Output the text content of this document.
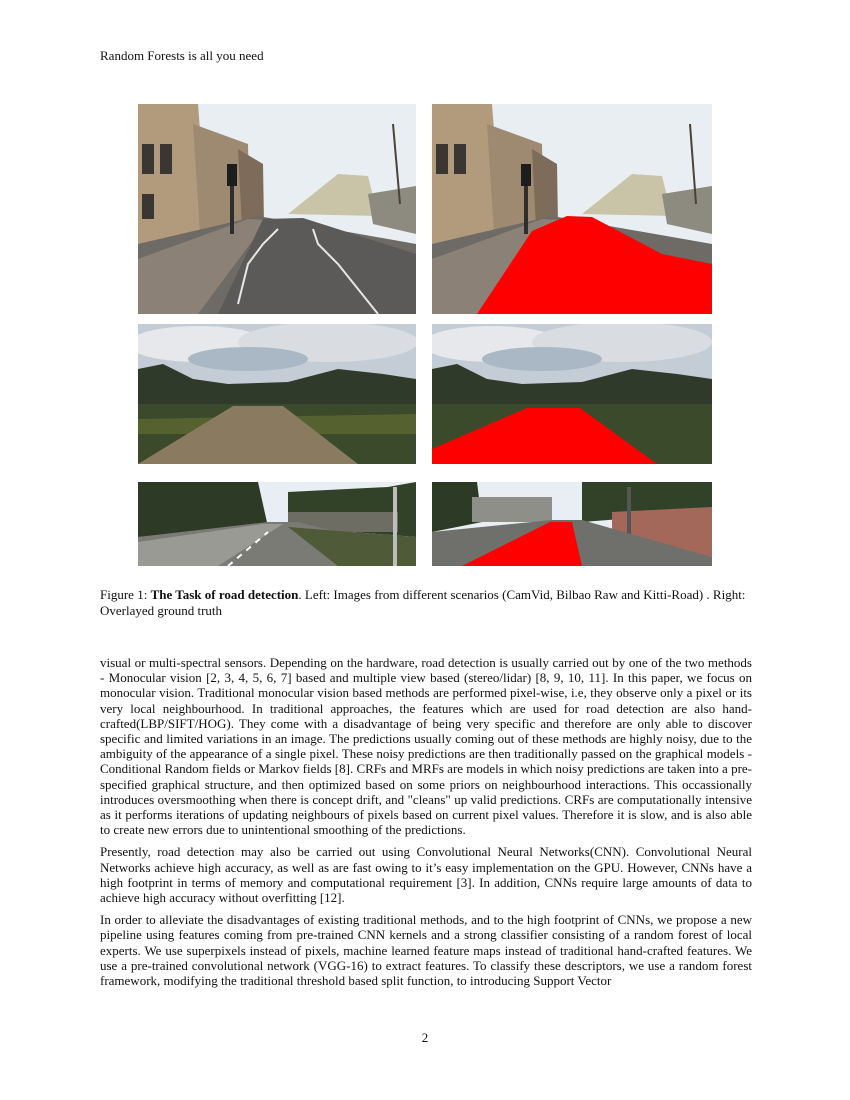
Random Forests is all you need
Figure 1: The Task of road detection. Left: Images from different scenarios (CamVid, Bilbao Raw and Kitti-Road) . Right: Overlayed ground truth

visual or multi-spectral sensors. Depending on the hardware, road detection is usually carried out by one of the two methods - Monocular vision [2, 3, 4, 5, 6, 7] based and multiple view based (stereo/lidar) [8, 9, 10, 11]. In this paper, we focus on monocular vision. Traditional monocular vision based methods are performed pixel-wise, i.e, they observe only a pixel or its very local neighbourhood. In traditional approaches, the features which are used for road detection are also hand-crafted(LBP/SIFT/HOG). They come with a disadvantage of being very specific and therefore are only able to discover specific and limited variations in an image. The predictions usually coming out of these methods are highly noisy, due to the ambiguity of the appearance of a single pixel. These noisy predictions are then traditionally passed on the graphical models - Conditional Random fields or Markov fields [8]. CRFs and MRFs are models in which noisy predictions are taken into a pre-specified graphical structure, and then optimized based on some priors on neighbourhood interactions. This occassionally introduces oversmoothing when there is concept drift, and "cleans" up valid predictions. CRFs are computationally intensive as it performs iterations of updating neighbours of pixels based on current pixel values. Therefore it is slow, and is also able to create new errors due to unintentional smoothing of the predictions.

Presently, road detection may also be carried out using Convolutional Neural Networks(CNN). Convolutional Neural Networks achieve high accuracy, as well as are fast owing to it’s easy implementation on the GPU. However, CNNs have a high footprint in terms of memory and computational requirement [3]. In addition, CNNs require large amounts of data to achieve high accuracy without overfitting [12].

In order to alleviate the disadvantages of existing traditional methods, and to the high footprint of CNNs, we propose a new pipeline using features coming from pre-trained CNN kernels and a strong classifier consisting of a random forest of local experts. We use superpixels instead of pixels, machine learned feature maps instead of traditional hand-crafted features. We use a pre-trained convolutional network (VGG-16) to extract features. To classify these descriptors, we use a random forest framework, modifying the traditional threshold based split function, to introducing Support Vector

2
